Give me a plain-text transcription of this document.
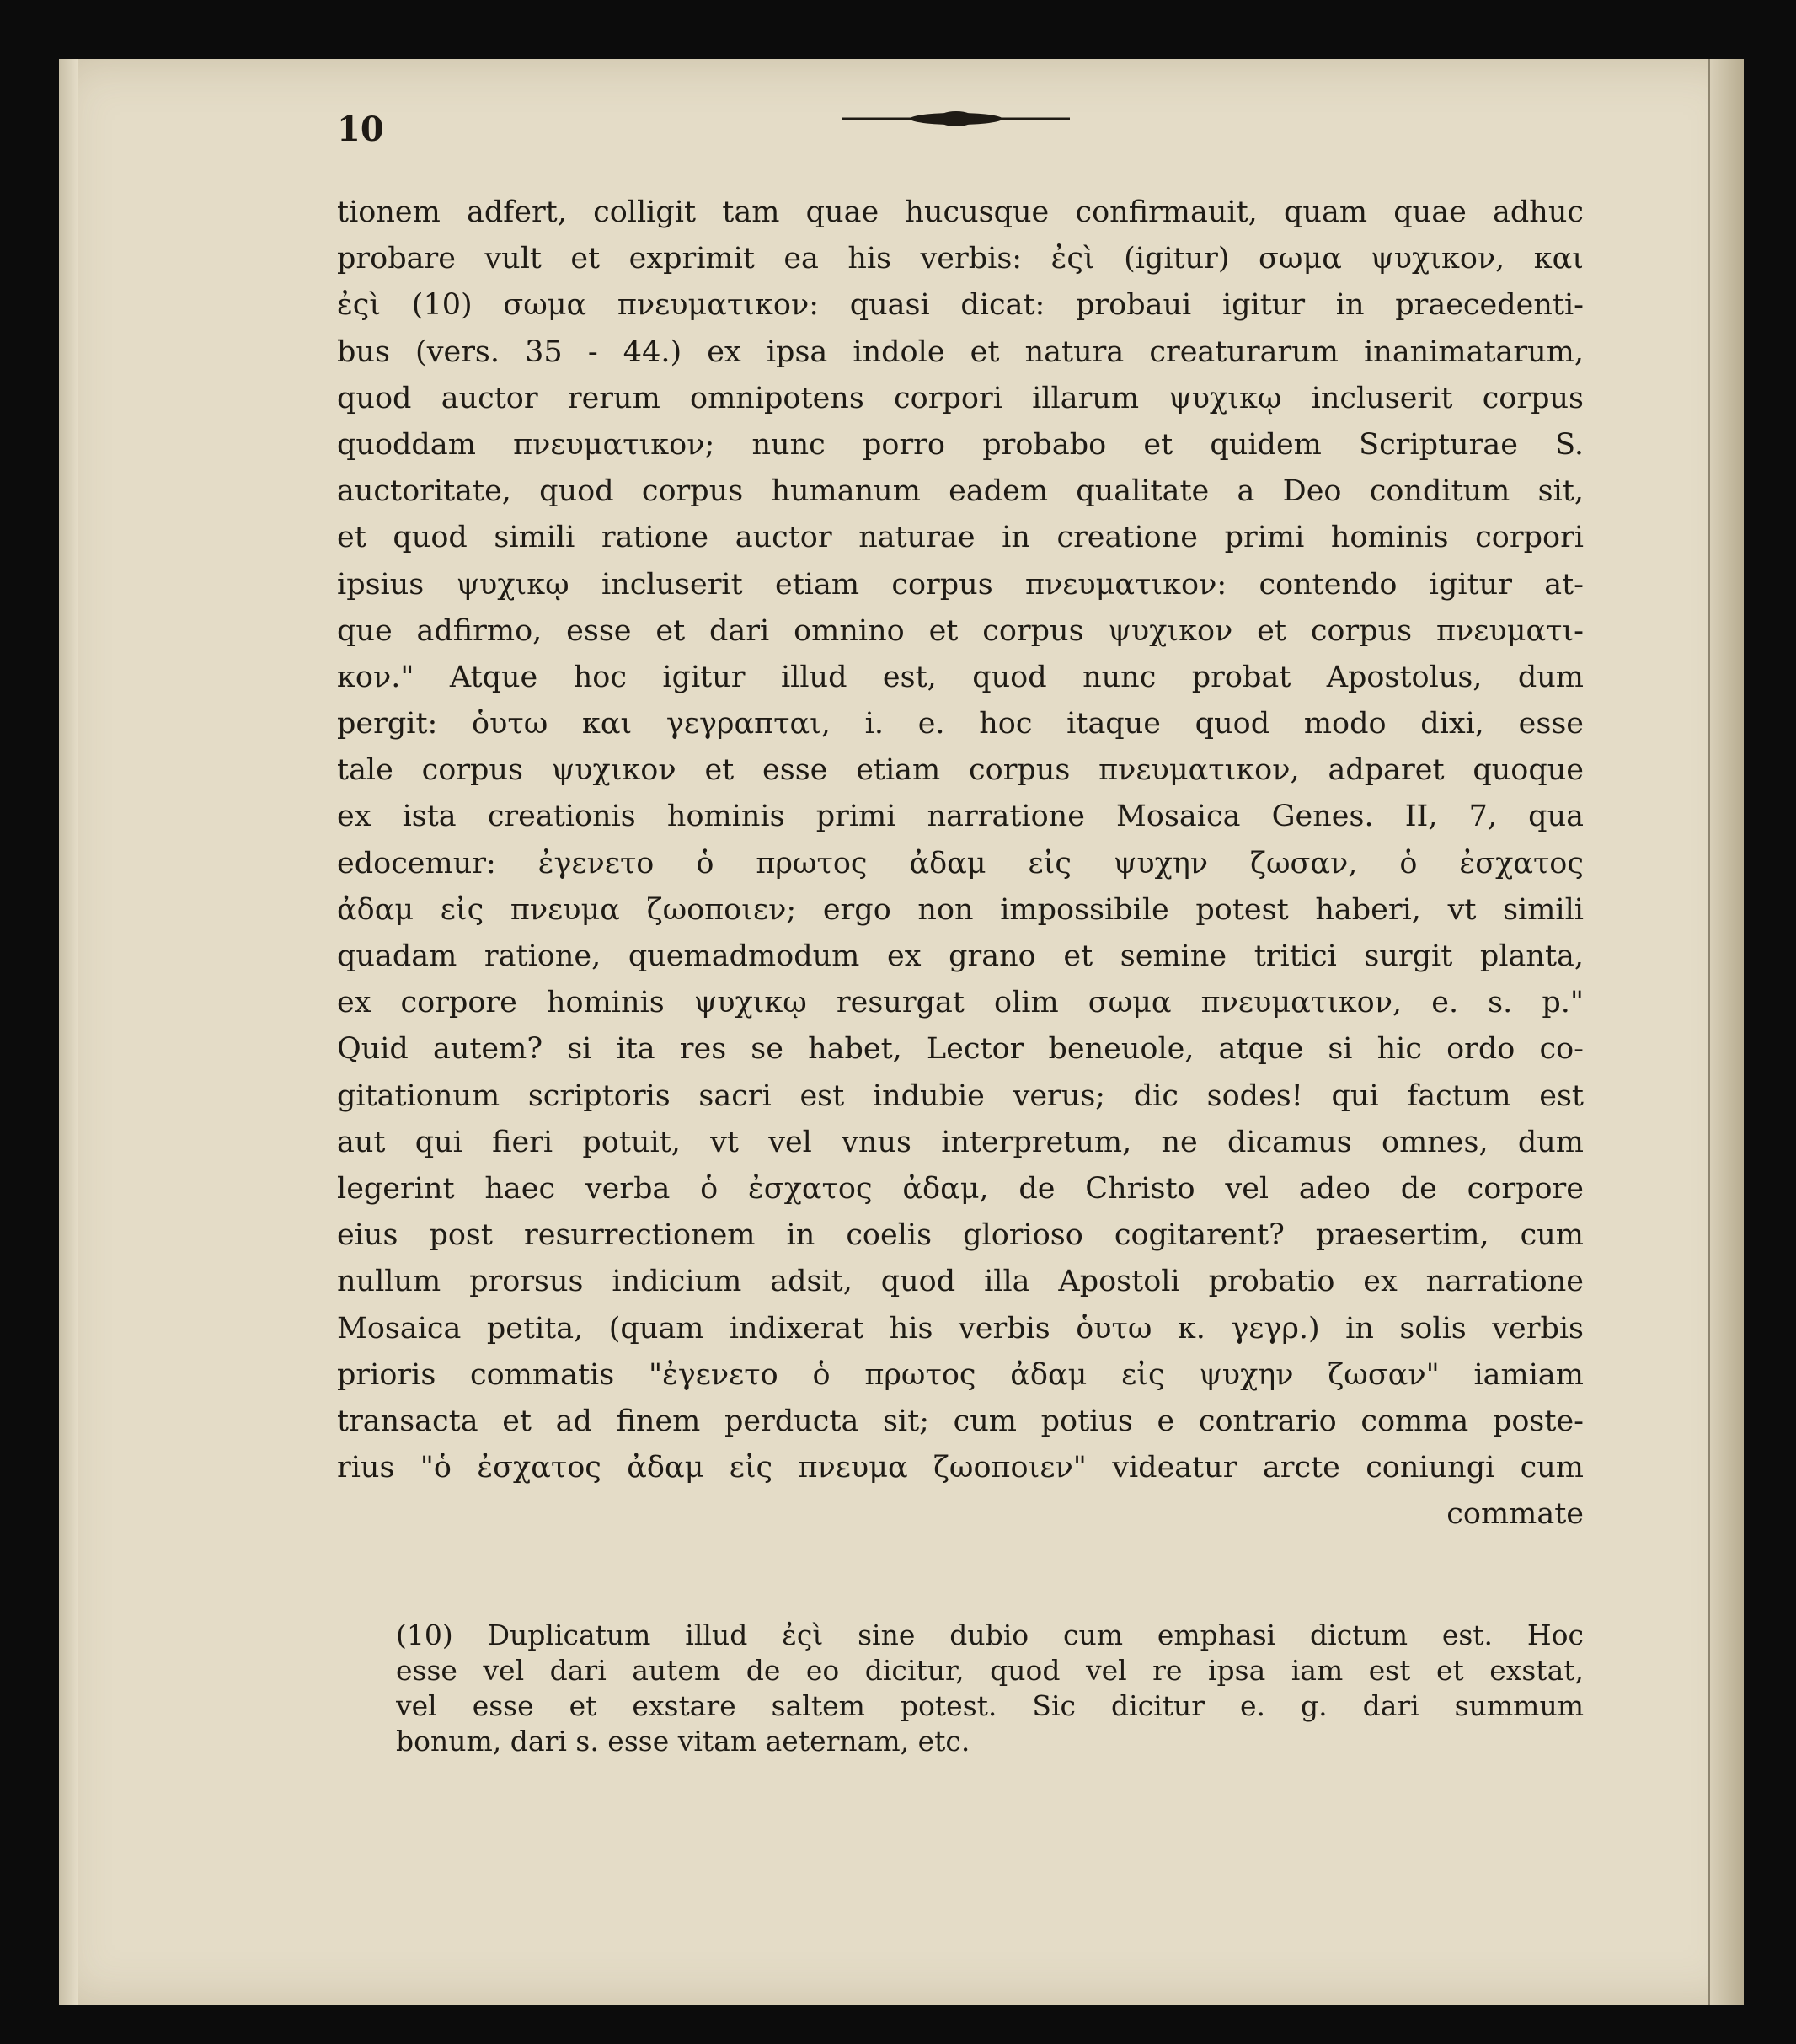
10
tionem adfert, colligit tam quae hucusque confirmauit, quam quae adhuc
probare vult et exprimit ea his verbis: ἐςὶ (igitur) σωμα ψυχικον, και
ἐςὶ (10) σωμα πνευματικον: quasi dicat: probaui igitur in praecedenti-
bus (vers. 35 - 44.) ex ipsa indole et natura creaturarum inanimatarum,
quod auctor rerum omnipotens corpori illarum ψυχικῳ incluserit corpus
quoddam πνευματικον; nunc porro probabo et quidem Scripturae S.
auctoritate, quod corpus humanum eadem qualitate a Deo conditum sit,
et quod simili ratione auctor naturae in creatione primi hominis corpori
ipsius ψυχικῳ incluserit etiam corpus πνευματικον: contendo igitur at-
que adfirmo, esse et dari omnino et corpus ψυχικον et corpus πνευματι-
κον." Atque hoc igitur illud est, quod nunc probat Apostolus, dum
pergit: ὁυτω και γεγραπται, i. e. hoc itaque quod modo dixi, esse
tale corpus ψυχικον et esse etiam corpus πνευματικον, adparet quoque
ex ista creationis hominis primi narratione Mosaica Genes. II, 7, qua
edocemur: ἐγενετο ὁ πρωτος ἀδαμ εἰς ψυχην ζωσαν, ὁ ἐσχατος
ἀδαμ εἰς πνευμα ζωοποιεν; ergo non impossibile potest haberi, vt simili
quadam ratione, quemadmodum ex grano et semine tritici surgit planta,
ex corpore hominis ψυχικῳ resurgat olim σωμα πνευματικον, e. s. p."
Quid autem? si ita res se habet, Lector beneuole, atque si hic ordo co-
gitationum scriptoris sacri est indubie verus; dic sodes! qui factum est
aut qui fieri potuit, vt vel vnus interpretum, ne dicamus omnes, dum
legerint haec verba ὁ ἐσχατος ἀδαμ, de Christo vel adeo de corpore
eius post resurrectionem in coelis glorioso cogitarent? praesertim, cum
nullum prorsus indicium adsit, quod illa Apostoli probatio ex narratione
Mosaica petita, (quam indixerat his verbis ὁυτω κ. γεγρ.) in solis verbis
prioris commatis "ἐγενετο ὁ πρωτος ἀδαμ εἰς ψυχην ζωσαν" iamiam
transacta et ad finem perducta sit; cum potius e contrario comma poste-
rius "ὁ ἐσχατος ἀδαμ εἰς πνευμα ζωοποιεν" videatur arcte coniungi cum
commate
(10) Duplicatum illud ἐςὶ sine dubio cum emphasi dictum est. Hoc
esse vel dari autem de eo dicitur, quod vel re ipsa iam est et exstat,
vel esse et exstare saltem potest. Sic dicitur e. g. dari summum
bonum, dari s. esse vitam aeternam, etc.
